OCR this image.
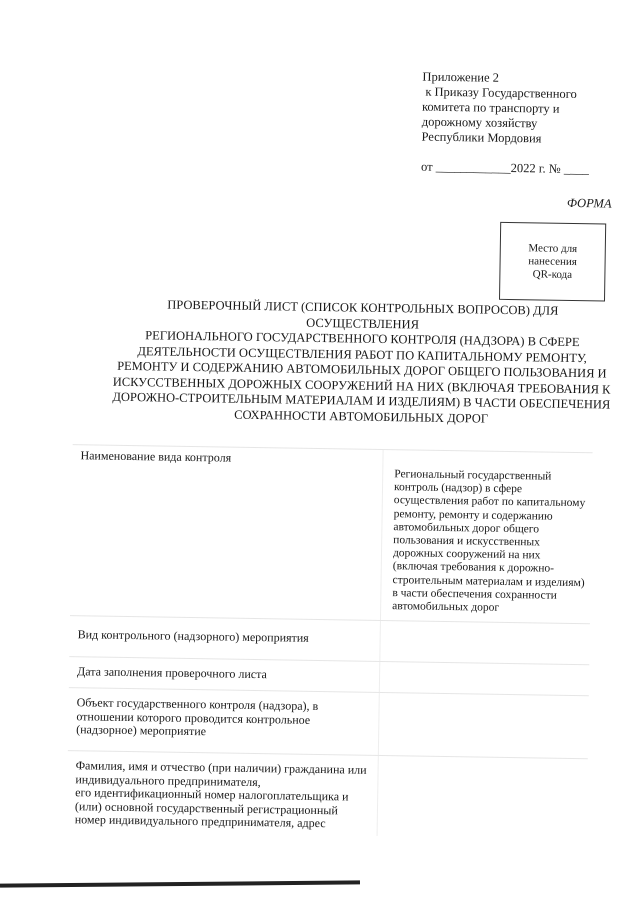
Приложение 2
к Приказу Государственного
комитета по транспорту и
дорожному хозяйству
Республики Мордовия
от ____________2022 г. № ____
ФОРМА
Место для
нанесения
QR-кода
ПРОВЕРОЧНЫЙ ЛИСТ (СПИСОК КОНТРОЛЬНЫХ ВОПРОСОВ) ДЛЯ ОСУЩЕСТВЛЕНИЯ
РЕГИОНАЛЬНОГО ГОСУДАРСТВЕННОГО КОНТРОЛЯ (НАДЗОРА) В СФЕРЕ
ДЕЯТЕЛЬНОСТИ ОСУЩЕСТВЛЕНИЯ РАБОТ ПО КАПИТАЛЬНОМУ РЕМОНТУ,
РЕМОНТУ И СОДЕРЖАНИЮ АВТОМОБИЛЬНЫХ ДОРОГ ОБЩЕГО ПОЛЬЗОВАНИЯ И
ИСКУССТВЕННЫХ ДОРОЖНЫХ СООРУЖЕНИЙ НА НИХ (ВКЛЮЧАЯ ТРЕБОВАНИЯ К
ДОРОЖНО-СТРОИТЕЛЬНЫМ МАТЕРИАЛАМ И ИЗДЕЛИЯМ) В ЧАСТИ ОБЕСПЕЧЕНИЯ
СОХРАННОСТИ АВТОМОБИЛЬНЫХ ДОРОГ
Наименование вида контроля
Региональный государственный
контроль (надзор) в сфере
осуществления работ по капитальному
ремонту, ремонту и содержанию
автомобильных дорог общего
пользования и искусственных
дорожных сооружений на них
(включая требования к дорожно-
строительным материалам и изделиям)
в части обеспечения сохранности
автомобильных дорог
Вид контрольного (надзорного) мероприятия
Дата заполнения проверочного листа
Объект государственного контроля (надзора), в
отношении которого проводится контрольное
(надзорное) мероприятие
Фамилия, имя и отчество (при наличии) гражданина или
индивидуального предпринимателя,
его идентификационный номер налогоплательщика и
(или) основной государственный регистрационный
номер индивидуального предпринимателя, адрес
